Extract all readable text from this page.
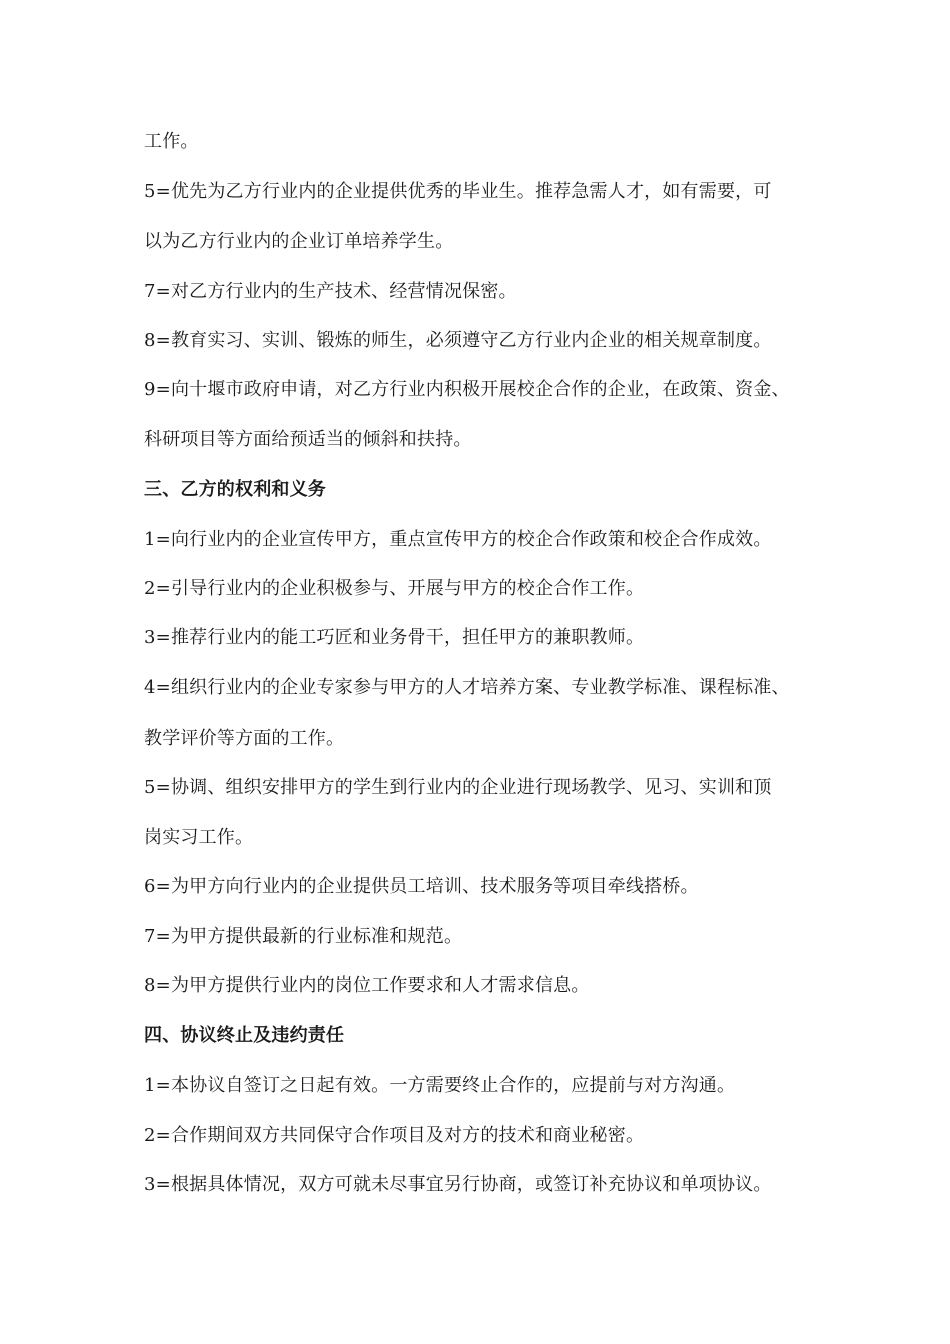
工作。
5=优先为乙方行业内的企业提供优秀的毕业生。推荐急需人才，如有需要，可
以为乙方行业内的企业订单培养学生。
7=对乙方行业内的生产技术、经营情况保密。
8=教育实习、实训、锻炼的师生，必须遵守乙方行业内企业的相关规章制度。
9=向十堰市政府申请，对乙方行业内积极开展校企合作的企业，在政策、资金、
科研项目等方面给预适当的倾斜和扶持。
三、乙方的权利和义务
1=向行业内的企业宣传甲方，重点宣传甲方的校企合作政策和校企合作成效。
2=引导行业内的企业积极参与、开展与甲方的校企合作工作。
3=推荐行业内的能工巧匠和业务骨干，担任甲方的兼职教师。
4=组织行业内的企业专家参与甲方的人才培养方案、专业教学标准、课程标准、
教学评价等方面的工作。
5=协调、组织安排甲方的学生到行业内的企业进行现场教学、见习、实训和顶
岗实习工作。
6=为甲方向行业内的企业提供员工培训、技术服务等项目牵线搭桥。
7=为甲方提供最新的行业标准和规范。
8=为甲方提供行业内的岗位工作要求和人才需求信息。
四、协议终止及违约责任
1=本协议自签订之日起有效。一方需要终止合作的，应提前与对方沟通。
2=合作期间双方共同保守合作项目及对方的技术和商业秘密。
3=根据具体情况，双方可就未尽事宜另行协商，或签订补充协议和单项协议。
